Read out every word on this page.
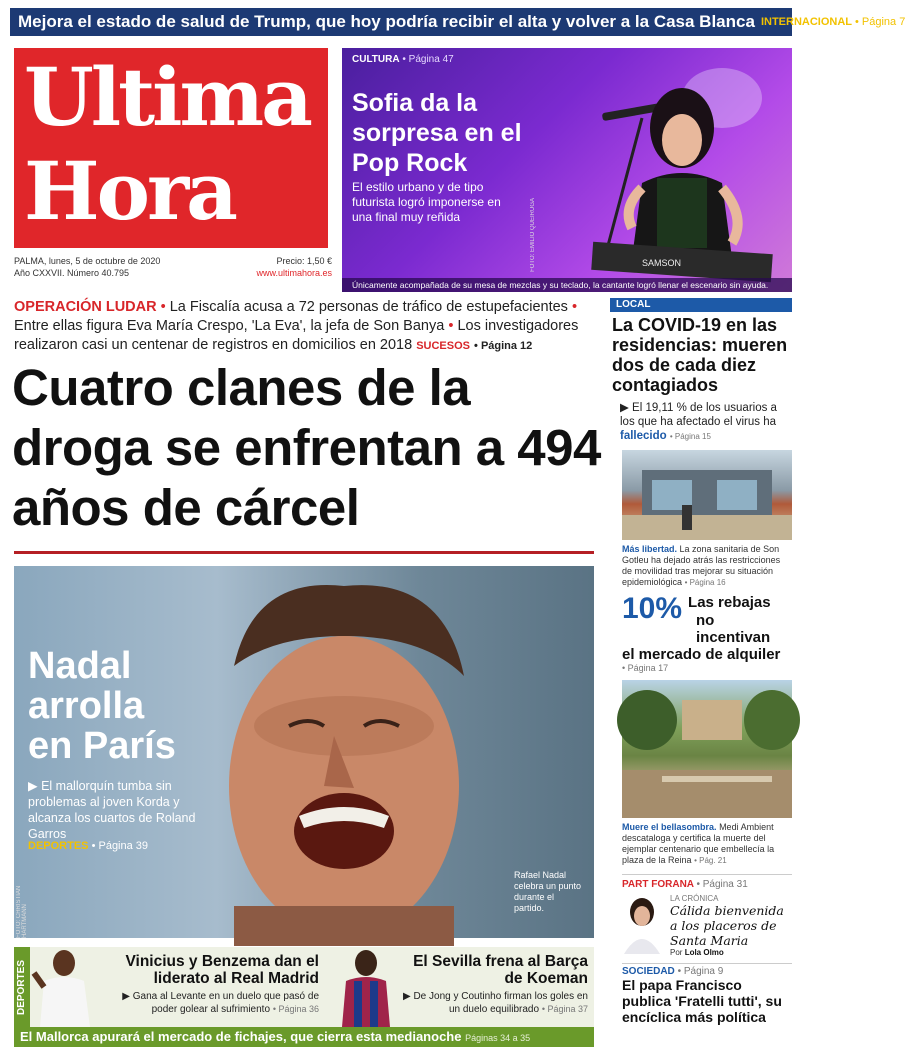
Mejora el estado de salud de Trump, que hoy podría recibir el alta y volver a la Casa Blanca INTERNACIONAL • Página 7
Ultima
Hora
PALMA, lunes, 5 de octubre de 2020	Precio: 1,50 €
Año CXXVII. Número 40.795	www.ultimahora.es
CULTURA • Página 47
Sofia da la sorpresa en el Pop Rock
El estilo urbano y de tipo futurista logró imponerse en una final muy reñida	FOTO: EMILIO QUEIRUGA	SAMSON
Únicamente acompañada de su mesa de mezclas y su teclado, la cantante logró llenar el escenario sin ayuda.
OPERACIÓN LUDAR • La Fiscalía acusa a 72 personas de tráfico de estupefacientes • Entre ellas figura Eva María Crespo, 'La Eva', la jefa de Son Banya • Los investigadores realizaron casi un centenar de registros en domicilios en 2018 SUCESOS • Página 12
Cuatro clanes de la droga se enfrentan a 494 años de cárcel
Nadal
arrolla
en París
▶ El mallorquín tumba sin problemas al joven Korda y alcanza los cuartos de Roland Garros
DEPORTES • Página 39
Rafael Nadal celebra un punto durante el partido.
FOTO: CHRISTIAN HARTMANN
DEPORTES	Vinicius y Benzema dan el liderato al Real Madrid

▶ Gana al Levante en un duelo que pasó de poder golear al sufrimiento • Página 36

El Sevilla frena al Barça de Koeman

▶ De Jong y Coutinho firman los goles en un duelo equilibrado • Página 37

El Mallorca apurará el mercado de fichajes, que cierra esta medianoche Páginas 34 a 35
LOCAL
La COVID-19 en las residencias: mueren dos de cada diez contagiados
▶ El 19,11 % de los usuarios a los que ha afectado el virus ha fallecido • Página 15
Más libertad. La zona sanitaria de Son Gotleu ha dejado atrás las restricciones de movilidad tras mejorar su situación epidemiológica • Página 16
10% Las rebajas
no incentivan
el mercado de alquiler
• Página 17
Muere el bellasombra. Medi Ambient descataloga y certifica la muerte del ejemplar centenario que embellecía la plaza de la Reina • Pág. 21
PART FORANA • Página 31
LA CRÓNICA
Cálida bienvenida a los placeros de Santa Maria
Por Lola Olmo
SOCIEDAD • Página 9
El papa Francisco publica 'Fratelli tutti', su encíclica más política
